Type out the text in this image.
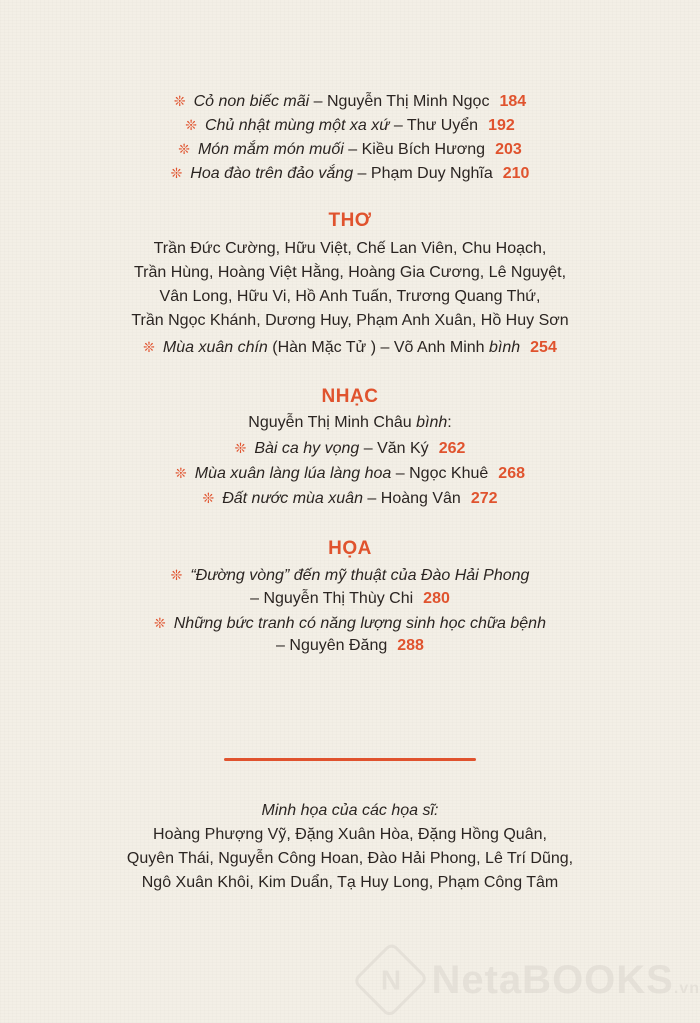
❊ Cỏ non biếc mãi – Nguyễn Thị Minh Ngọc 184
❊ Chủ nhật mùng một xa xứ – Thư Uyển 192
❊ Món mắm món muối – Kiều Bích Hương 203
❊ Hoa đào trên đảo vắng – Phạm Duy Nghĩa 210
THƠ
Trần Đức Cường, Hữu Việt, Chế Lan Viên, Chu Hoạch,
Trần Hùng, Hoàng Việt Hằng, Hoàng Gia Cương, Lê Nguyệt,
Vân Long, Hữu Vi, Hồ Anh Tuấn, Trương Quang Thứ,
Trần Ngọc Khánh, Dương Huy, Phạm Anh Xuân, Hồ Huy Sơn
❊ Mùa xuân chín (Hàn Mặc Tử ) – Võ Anh Minh bình 254
NHẠC
Nguyễn Thị Minh Châu bình:
❊ Bài ca hy vọng – Văn Ký 262
❊ Mùa xuân làng lúa làng hoa – Ngọc Khuê 268
❊ Đất nước mùa xuân – Hoàng Vân 272
HỌA
❊ “Đường vòng” đến mỹ thuật của Đào Hải Phong
– Nguyễn Thị Thùy Chi 280
❊ Những bức tranh có năng lượng sinh học chữa bệnh
– Nguyên Đăng 288
Minh họa của các họa sĩ:
Hoàng Phượng Vỹ, Đặng Xuân Hòa, Đặng Hồng Quân,
Quyên Thái, Nguyễn Công Hoan, Đào Hải Phong, Lê Trí Dũng,
Ngô Xuân Khôi, Kim Duẩn, Tạ Huy Long, Phạm Công Tâm
N NetaBOOKS.vn
